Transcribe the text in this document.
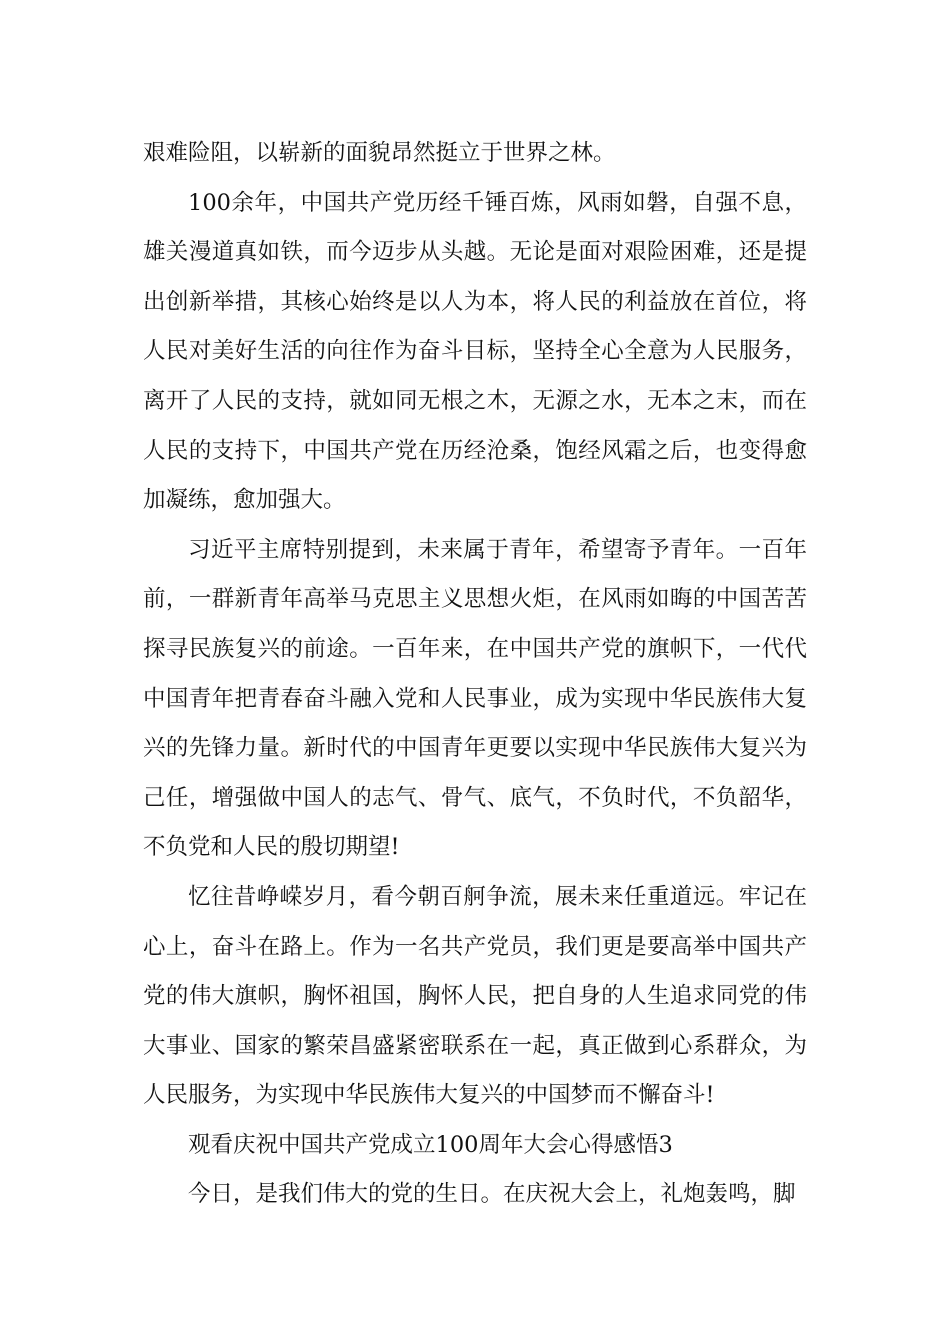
艰难险阻，以崭新的面貌昂然挺立于世界之林。

100余年，中国共产党历经千锤百炼，风雨如磐，自强不息，雄关漫道真如铁，而今迈步从头越。无论是面对艰险困难，还是提出创新举措，其核心始终是以人为本，将人民的利益放在首位，将人民对美好生活的向往作为奋斗目标，坚持全心全意为人民服务，离开了人民的支持，就如同无根之木，无源之水，无本之末，而在人民的支持下，中国共产党在历经沧桑，饱经风霜之后，也变得愈加凝练，愈加强大。

习近平主席特别提到，未来属于青年，希望寄予青年。一百年前，一群新青年高举马克思主义思想火炬，在风雨如晦的中国苦苦探寻民族复兴的前途。一百年来，在中国共产党的旗帜下，一代代中国青年把青春奋斗融入党和人民事业，成为实现中华民族伟大复兴的先锋力量。新时代的中国青年更要以实现中华民族伟大复兴为己任，增强做中国人的志气、骨气、底气，不负时代，不负韶华，不负党和人民的殷切期望!

忆往昔峥嵘岁月，看今朝百舸争流，展未来任重道远。牢记在心上，奋斗在路上。作为一名共产党员，我们更是要高举中国共产党的伟大旗帜，胸怀祖国，胸怀人民，把自身的人生追求同党的伟大事业、国家的繁荣昌盛紧密联系在一起，真正做到心系群众，为人民服务，为实现中华民族伟大复兴的中国梦而不懈奋斗!

观看庆祝中国共产党成立100周年大会心得感悟3

今日，是我们伟大的党的生日。在庆祝大会上，礼炮轰鸣，脚
